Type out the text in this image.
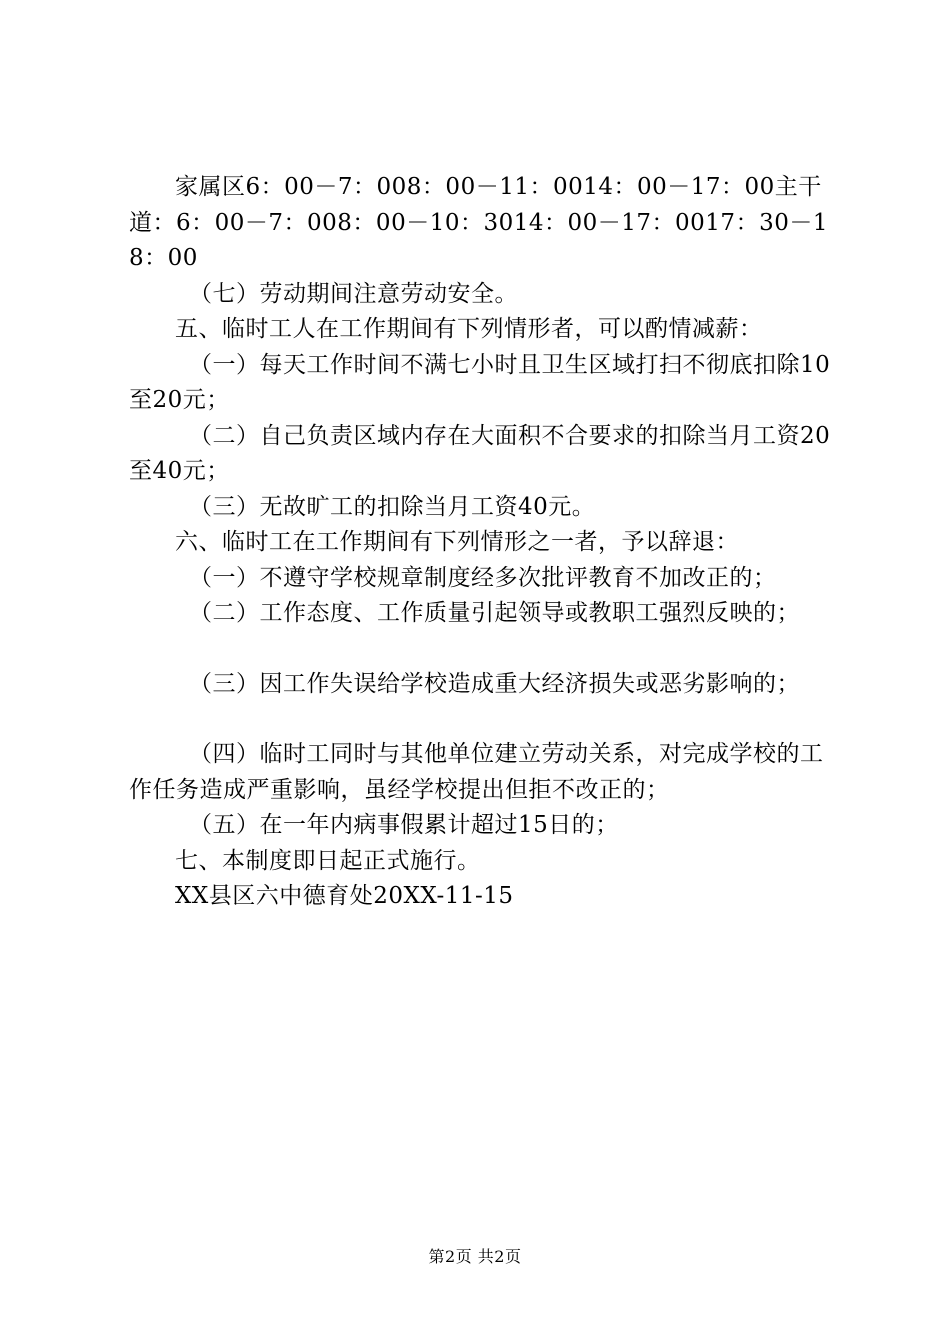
家属区6：00－7：008：00－11：0014：00－17：00主干道：6：00－7：008：00－10：3014：00－17：0017：30－18：00

（七）劳动期间注意劳动安全。

五、临时工人在工作期间有下列情形者，可以酌情减薪：

（一）每天工作时间不满七小时且卫生区域打扫不彻底扣除10至20元；

（二）自己负责区域内存在大面积不合要求的扣除当月工资20至40元；

（三）无故旷工的扣除当月工资40元。

六、临时工在工作期间有下列情形之一者，予以辞退：

（一）不遵守学校规章制度经多次批评教育不加改正的；

（二）工作态度、工作质量引起领导或教职工强烈反映的；

（三）因工作失误给学校造成重大经济损失或恶劣影响的；

（四）临时工同时与其他单位建立劳动关系，对完成学校的工作任务造成严重影响，虽经学校提出但拒不改正的；

（五）在一年内病事假累计超过15日的；

七、本制度即日起正式施行。

XX县区六中德育处20XX-11-15

第2页 共2页
